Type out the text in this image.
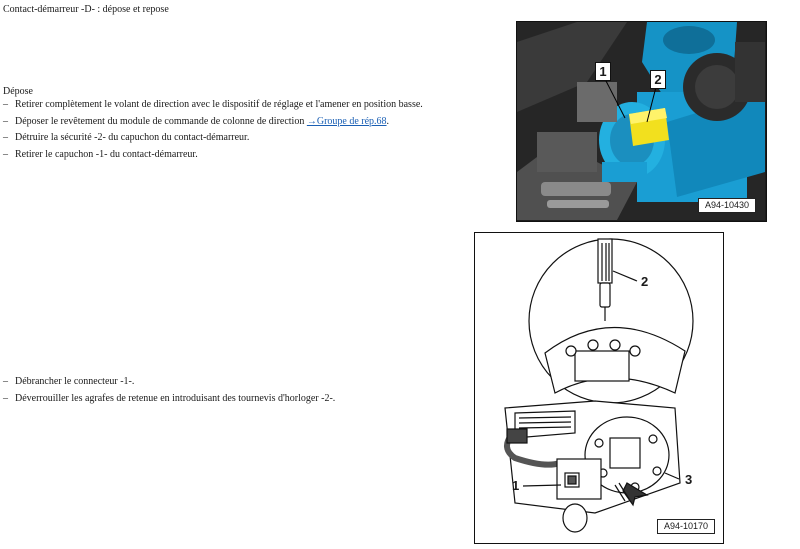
Contact-démarreur -D- : dépose et repose
Dépose
– Retirer complètement le volant de direction avec le dispositif de réglage et l'amener en position basse.
– Déposer le revêtement du module de commande de colonne de direction →Groupe de rép.68.
– Détruire la sécurité -2- du capuchon du contact-démarreur.
– Retirer le capuchon -1- du contact-démarreur.
– Débrancher le connecteur -1-.
– Déverrouiller les agrafes de retenue en introduisant des tournevis d'horloger -2-.
1
2
A94-10430
2
1	3
A94-10170
